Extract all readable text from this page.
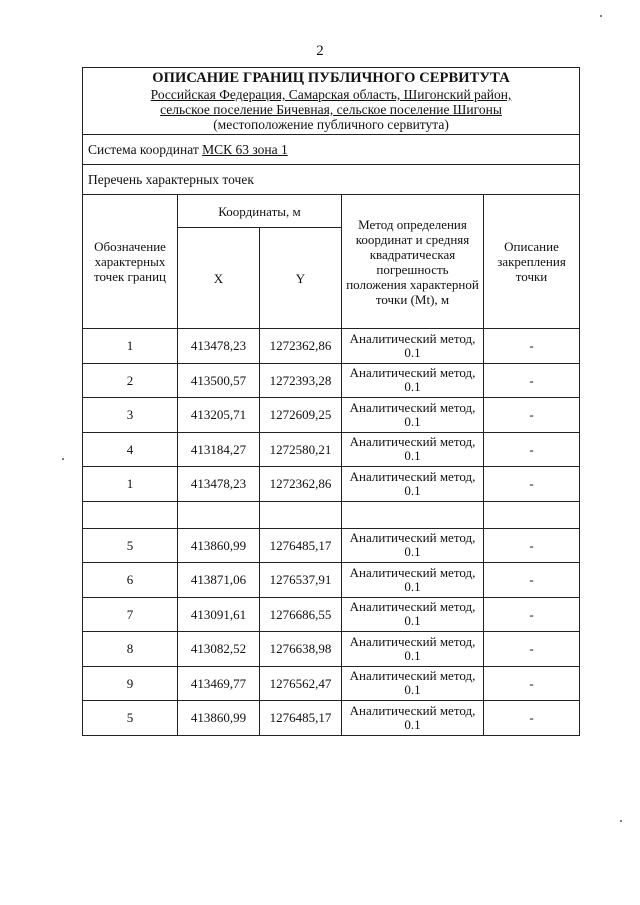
2
ОПИСАНИЕ ГРАНИЦ ПУБЛИЧНОГО СЕРВИТУТА
Российская Федерация, Самарская область, Шигонский район,
сельское поселение Бичевная, сельское поселение Шигоны
(местоположение публичного сервитута)				

Система координат МСК 63 зона 1				
Перечень характерных точек				
Обозначение характерных точек границ	Координаты, м		Метод определения координат и средняя квадратическая погрешность положения характерной точки (Mt), м	Описание закрепления точки
	X	Y		
1	413478,23	1272362,86	Аналитический метод, 0.1	-
2	413500,57	1272393,28	Аналитический метод, 0.1	-
3	413205,71	1272609,25	Аналитический метод, 0.1	-
4	413184,27	1272580,21	Аналитический метод, 0.1	-
1	413478,23	1272362,86	Аналитический метод, 0.1	-

5	413860,99	1276485,17	Аналитический метод, 0.1	-
6	413871,06	1276537,91	Аналитический метод, 0.1	-
7	413091,61	1276686,55	Аналитический метод, 0.1	-
8	413082,52	1276638,98	Аналитический метод, 0.1	-
9	413469,77	1276562,47	Аналитический метод, 0.1	-
5	413860,99	1276485,17	Аналитический метод, 0.1	-
